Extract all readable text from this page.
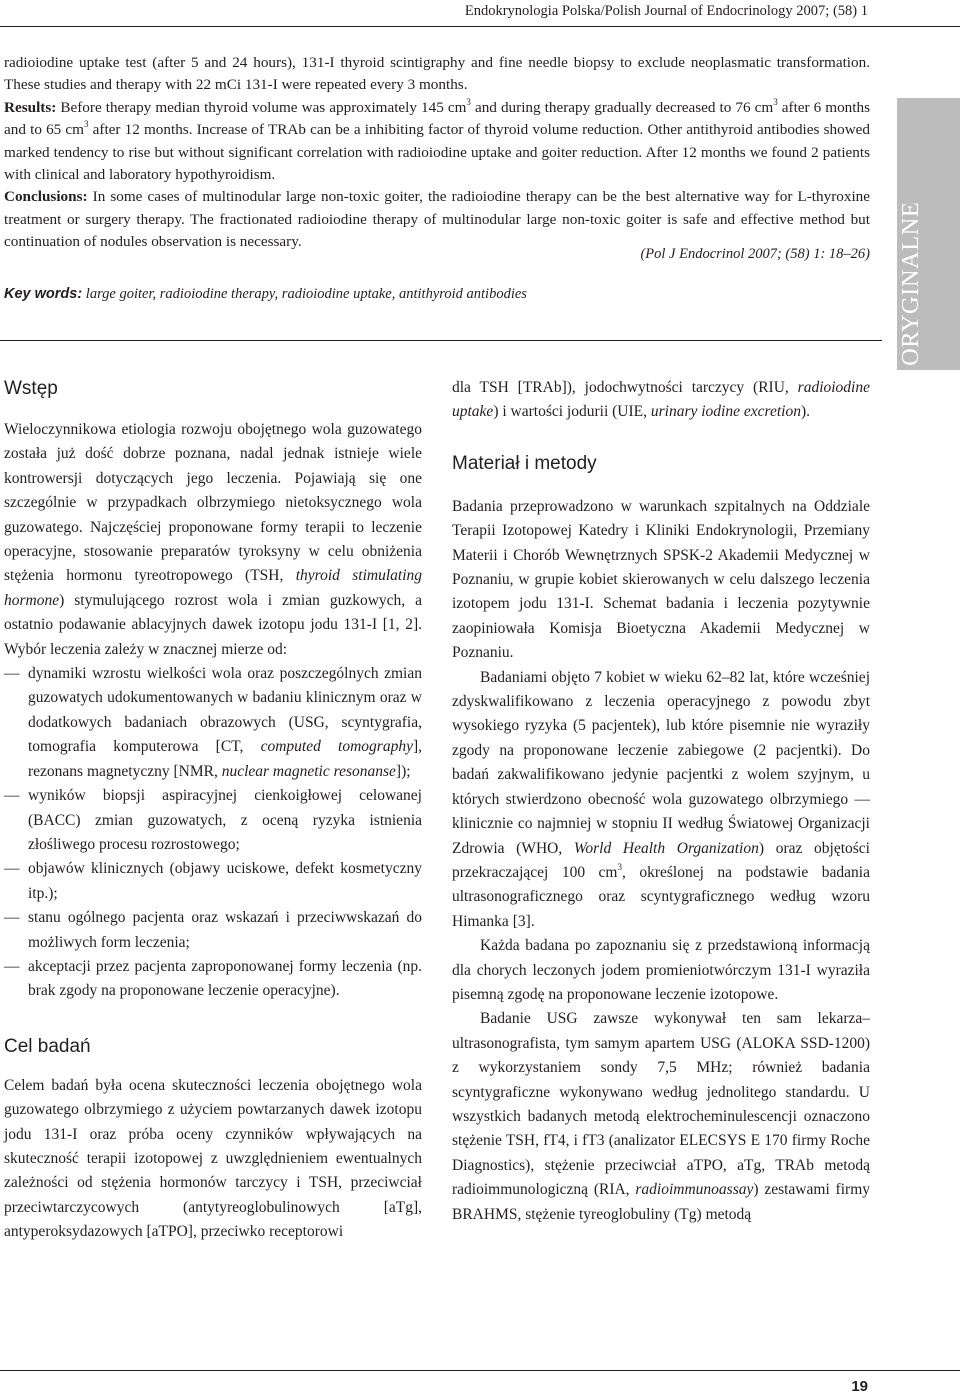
Endokrynologia Polska/Polish Journal of Endocrinology 2007; (58) 1
PRACE ORYGINALNE

radioiodine uptake test (after 5 and 24 hours), 131-I thyroid scintigraphy and fine needle biopsy to exclude neoplasmatic transformation. These studies and therapy with 22 mCi 131-I were repeated every 3 months.

Results: Before therapy median thyroid volume was approximately 145 $cm^3$ and during therapy gradually decreased to 76 $cm^3$ after 6 months and to 65 $cm^3$ after 12 months. Increase of TRAb can be a inhibiting factor of thyroid volume reduction. Other antithyroid antibodies showed marked tendency to rise but without significant correlation with radioiodine uptake and goiter reduction. After 12 months we found 2 patients with clinical and laboratory hypothyroidism.

Conclusions: In some cases of multinodular large non-toxic goiter, the radioiodine therapy can be the best alternative way for L-thyroxine treatment or surgery therapy. The fractionated radioiodine therapy of multinodular large non-toxic goiter is safe and effective method but continuation of nodules observation is necessary.

(Pol J Endocrinol 2007; (58) 1: 18–26)
Key words: large goiter, radioiodine therapy, radioiodine uptake, antithyroid antibodies
Wstęp

Wieloczynnikowa etiologia rozwoju obojętnego wola guzowatego została już dość dobrze poznana, nadal jednak istnieje wiele kontrowersji dotyczących jego leczenia. Pojawiają się one szczególnie w przypadkach olbrzymiego nietoksycznego wola guzowatego. Najczęściej proponowane formy terapii to leczenie operacyjne, stosowanie preparatów tyroksyny w celu obniżenia stężenia hormonu tyreotropowego (TSH, thyroid stimulating hormone) stymulującego rozrost wola i zmian guzkowych, a ostatnio podawanie ablacyjnych dawek izotopu jodu 131-I [1, 2]. Wybór leczenia zależy w znacznej mierze od:

— dynamiki wzrostu wielkości wola oraz poszczególnych zmian guzowatych udokumentowanych w badaniu klinicznym oraz w dodatkowych badaniach obrazowych (USG, scyntygrafia, tomografia komputerowa [CT, computed tomography], rezonans magnetyczny [NMR, nuclear magnetic resonanse]);
— wyników biopsji aspiracyjnej cienkoigłowej celowanej (BACC) zmian guzowatych, z oceną ryzyka istnienia złośliwego procesu rozrostowego;
— objawów klinicznych (objawy uciskowe, defekt kosmetyczny itp.);
— stanu ogólnego pacjenta oraz wskazań i przeciwwskazań do możliwych form leczenia;
— akceptacji przez pacjenta zaproponowanej formy leczenia (np. brak zgody na proponowane leczenie operacyjne).
Cel badań

Celem badań była ocena skuteczności leczenia obojętnego wola guzowatego olbrzymiego z użyciem powtarzanych dawek izotopu jodu 131-I oraz próba oceny czynników wpływających na skuteczność terapii izotopowej z uwzględnieniem ewentualnych zależności od stężenia hormonów tarczycy i TSH, przeciwciał przeciwtarczycowych (antytyreoglobulinowych [aTg], antyperoksydazowych [aTPO], przeciwko receptorowi

dla TSH [TRAb]), jodochwytności tarczycy (RIU, radioiodine uptake) i wartości jodurii (UIE, urinary iodine excretion).

Materiał i metody

Badania przeprowadzono w warunkach szpitalnych na Oddziale Terapii Izotopowej Katedry i Kliniki Endokrynologii, Przemiany Materii i Chorób Wewnętrznych SPSK-2 Akademii Medycznej w Poznaniu, w grupie kobiet skierowanych w celu dalszego leczenia izotopem jodu 131-I. Schemat badania i leczenia pozytywnie zaopiniowała Komisja Bioetyczna Akademii Medycznej w Poznaniu.

Badaniami objęto 7 kobiet w wieku 62–82 lat, które wcześniej zdyskwalifikowano z leczenia operacyjnego z powodu zbyt wysokiego ryzyka (5 pacjentek), lub które pisemnie nie wyraziły zgody na proponowane leczenie zabiegowe (2 pacjentki). Do badań zakwalifikowano jedynie pacjentki z wolem szyjnym, u których stwierdzono obecność wola guzowatego olbrzymiego — klinicznie co najmniej w stopniu II według Światowej Organizacji Zdrowia (WHO, World Health Organization) oraz objętości przekraczającej 100 $cm^3$, określonej na podstawie badania ultrasonograficznego oraz scyntygraficznego według wzoru Himanka [3].

Każda badana po zapoznaniu się z przedstawioną informacją dla chorych leczonych jodem promieniotwórczym 131-I wyraziła pisemną zgodę na proponowane leczenie izotopowe.

Badanie USG zawsze wykonywał ten sam lekarza–ultrasonografista, tym samym apartem USG (ALOKA SSD-1200) z wykorzystaniem sondy 7,5 MHz; również badania scyntygraficzne wykonywano według jednolitego standardu. U wszystkich badanych metodą elektrocheminulescencji oznaczono stężenie TSH, fT4, i fT3 (analizator ELECSYS E 170 firmy Roche Diagnostics), stężenie przeciwciał aTPO, aTg, TRAb metodą radioimmunologiczną (RIA, radioimmunoassay) zestawami firmy BRAHMS, stężenie tyreoglobuliny (Tg) metodą

19
